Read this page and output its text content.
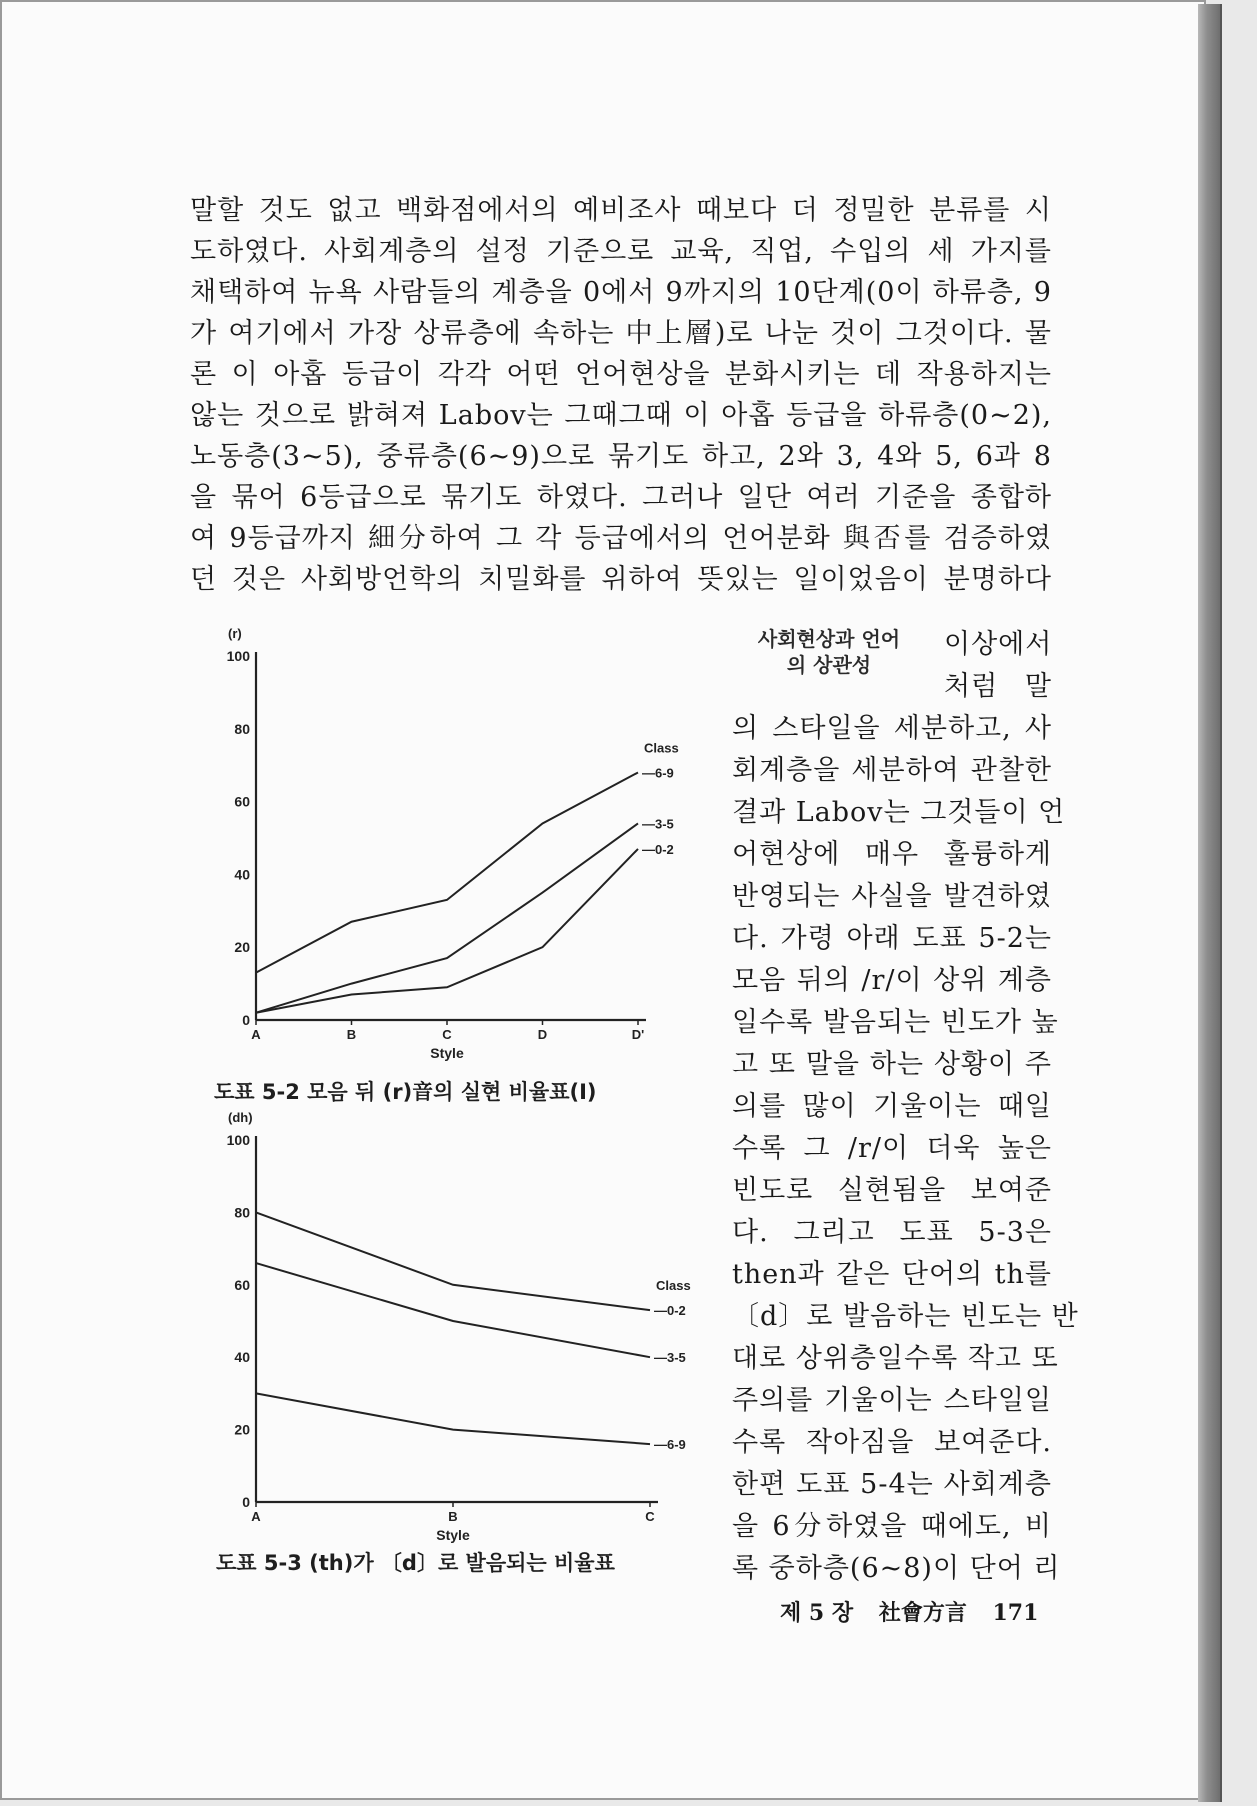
말할 것도 없고 백화점에서의 예비조사 때보다 더 정밀한 분류를 시
도하였다. 사회계층의 설정 기준으로 교육, 직업, 수입의 세 가지를
채택하여 뉴욕 사람들의 계층을 0에서 9까지의 10단계(0이 하류층, 9
가 여기에서 가장 상류층에 속하는 中上層)로 나눈 것이 그것이다. 물
론 이 아홉 등급이 각각 어떤 언어현상을 분화시키는 데 작용하지는
않는 것으로 밝혀져 Labov는 그때그때 이 아홉 등급을 하류층(0~2),
노동층(3~5), 중류층(6~9)으로 묶기도 하고, 2와 3, 4와 5, 6과 8
을 묶어 6등급으로 묶기도 하였다. 그러나 일단 여러 기준을 종합하
여 9등급까지 細分하여 그 각 등급에서의 언어분화 與否를 검증하였
던 것은 사회방언학의 치밀화를 위하여 뜻있는 일이었음이 분명하다
사회현상과 언어의 상관성
이상에서
처럼 말
의 스타일을 세분하고, 사
회계층을 세분하여 관찰한
결과 Labov는 그것들이 언
어현상에 매우 훌륭하게
반영되는 사실을 발견하였
다. 가령 아래 도표 5-2는
모음 뒤의 /r/이 상위 계층
일수록 발음되는 빈도가 높
고 또 말을 하는 상황이 주
의를 많이 기울이는 때일
수록 그 /r/이 더욱 높은
빈도로 실현됨을 보여준
다. 그리고 도표 5-3은
then과 같은 단어의 th를
〔d〕로 발음하는 빈도는 반
대로 상위층일수록 작고 또
주의를 기울이는 스타일일
수록 작아짐을 보여준다.
한편 도표 5-4는 사회계층
을 6分하였을 때에도, 비
록 중하층(6~8)이 단어 리
(r)
0
20
40
60
80
100
A	B	C	D	D'
Style
Class
—6-9
—3-5
—0-2
도표 5-2 모음 뒤 (r)音의 실현 비율표(Ⅰ)
(dh)
0
20
40
60
80
100
A	B	C
Style
Class
—0-2
—3-5
—6-9
도표 5-3 (th)가 〔d〕로 발음되는 비율표
제 5 장 社會方言 171
